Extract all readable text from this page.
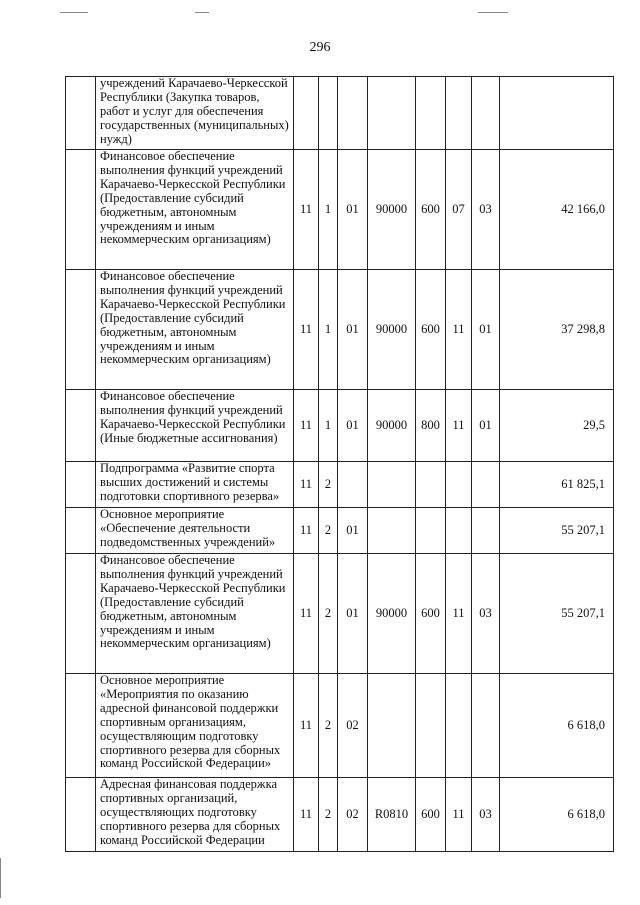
296
	учреждений Карачаево-Черкесской Республики (Закупка товаров, работ и услуг для обеспечения государственных (муниципальных) нужд)								
	Финансовое обеспечение выполнения функций учреждений Карачаево-Черкесской Республики (Предоставление субсидий бюджетным, автономным учреждениям и иным некоммерческим организациям)	11	1	01	90000	600	07	03	42 166,0
	Финансовое обеспечение выполнения функций учреждений Карачаево-Черкесской Республики (Предоставление субсидий бюджетным, автономным учреждениям и иным некоммерческим организациям)	11	1	01	90000	600	11	01	37 298,8
	Финансовое обеспечение выполнения функций учреждений Карачаево-Черкесской Республики (Иные бюджетные ассигнования)	11	1	01	90000	800	11	01	29,5
	Подпрограмма «Развитие спорта высших достижений и системы подготовки спортивного резерва»	11	2						61 825,1
	Основное мероприятие «Обеспечение деятельности подведомственных учреждений»	11	2	01					55 207,1
	Финансовое обеспечение выполнения функций учреждений Карачаево-Черкесской Республики (Предоставление субсидий бюджетным, автономным учреждениям и иным некоммерческим организациям)	11	2	01	90000	600	11	03	55 207,1
	Основное мероприятие «Мероприятия по оказанию адресной финансовой поддержки спортивным организациям, осуществляющим подготовку спортивного резерва для сборных команд Российской Федерации»	11	2	02					6 618,0
	Адресная финансовая поддержка спортивных организаций, осуществляющих подготовку спортивного резерва для сборных команд Российской Федерации	11	2	02	R0810	600	11	03	6 618,0
